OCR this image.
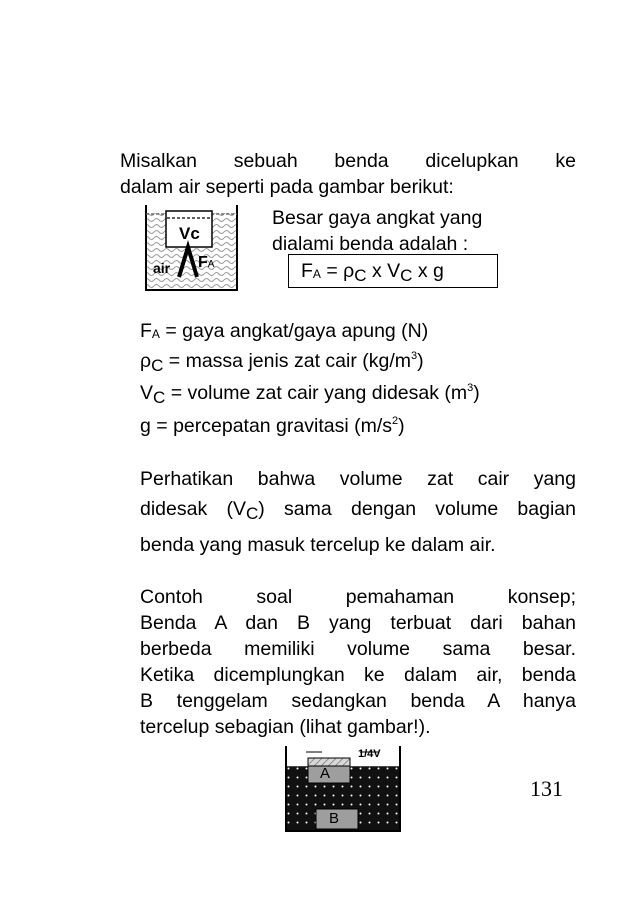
Misalkan sebuah benda dicelupkan ke

dalam air seperti pada gambar berikut:

Vc
air FA

Besar gaya angkat yang

dialami benda adalah :

FA = $\rho_C$ x $V_C$ x g

FA = gaya angkat/gaya apung (N)

$\rho_C$ = massa jenis zat cair $(kg/m^3)$

$V_C$ = volume zat cair yang didesak $(m^3)$

g = percepatan gravitasi $(m/s^2)$

Perhatikan bahwa volume zat cair yang

didesak $(V_C)$ sama dengan volume bagian

benda yang masuk tercelup ke dalam air.

Contoh soal pemahaman konsep;

Benda A dan B yang terbuat dari bahan

berbeda memiliki volume sama besar.

Ketika dicemplungkan ke dalam air, benda

B tenggelam sedangkan benda A hanya

tercelup sebagian (lihat gambar!).

1/4V
A
B
131
